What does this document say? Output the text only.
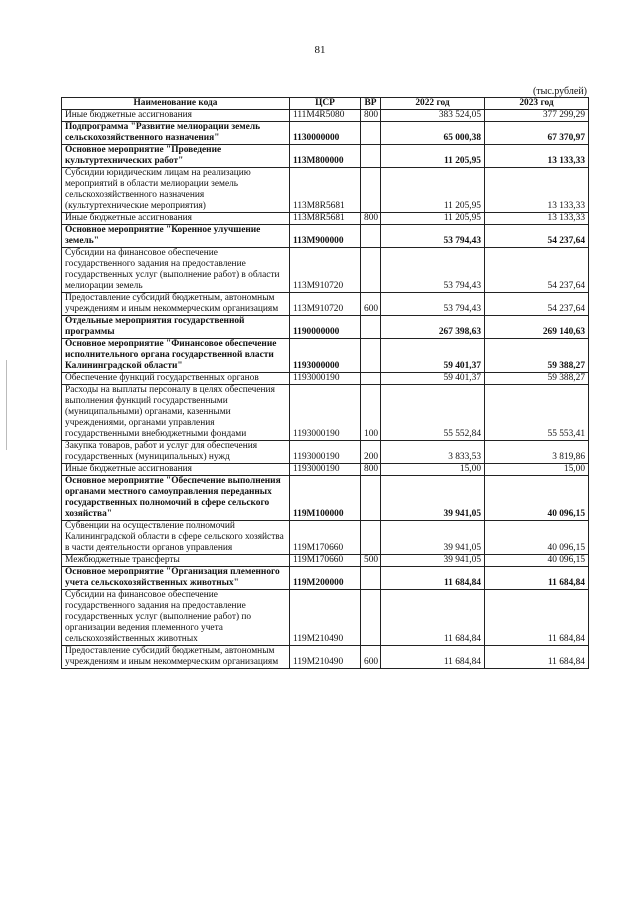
81
(тыс.рублей)
Наименование кода	ЦСР	ВР	2022 год	2023 год
Иные бюджетные ассигнования	111M4R5080	800	383 524,05	377 299,29
Подпрограмма "Развитие мелиорации земель сельскохозяйственного назначения"	1130000000		65 000,38	67 370,97
Основное мероприятие "Проведение культуртехнических работ"	113M800000		11 205,95	13 133,33
Субсидии юридическим лицам на реализацию мероприятий в области мелиорации земель сельскохозяйственного назначения (культуртехнические мероприятия)	113M8R5681		11 205,95	13 133,33
Иные бюджетные ассигнования	113M8R5681	800	11 205,95	13 133,33
Основное мероприятие "Коренное улучшение земель"	113M900000		53 794,43	54 237,64
Субсидии на финансовое обеспечение государственного задания на предоставление государственных услуг (выполнение работ) в области мелиорации земель	113M910720		53 794,43	54 237,64
Предоставление субсидий бюджетным, автономным учреждениям и иным некоммерческим организациям	113M910720	600	53 794,43	54 237,64
Отдельные мероприятия государственной программы	1190000000		267 398,63	269 140,63
Основное мероприятие "Финансовое обеспечение исполнительного органа государственной власти Калининградской области"	1193000000		59 401,37	59 388,27
Обеспечение функций государственных органов	1193000190		59 401,37	59 388,27
Расходы на выплаты персоналу в целях обеспечения выполнения функций государственными (муниципальными) органами, казенными учреждениями, органами управления государственными внебюджетными фондами	1193000190	100	55 552,84	55 553,41
Закупка товаров, работ и услуг для обеспечения государственных (муниципальных) нужд	1193000190	200	3 833,53	3 819,86
Иные бюджетные ассигнования	1193000190	800	15,00	15,00
Основное мероприятие "Обеспечение выполнения органами местного самоуправления переданных государственных полномочий в сфере сельского хозяйства"	119M100000		39 941,05	40 096,15
Субвенции на осуществление полномочий Калининградской области в сфере сельского хозяйства в части деятельности органов управления	119M170660		39 941,05	40 096,15
Межбюджетные трансферты	119M170660	500	39 941,05	40 096,15
Основное мероприятие "Организация племенного учета сельскохозяйственных животных"	119M200000		11 684,84	11 684,84
Субсидии на финансовое обеспечение государственного задания на предоставление государственных услуг (выполнение работ) по организации ведения племенного учета сельскохозяйственных животных	119M210490		11 684,84	11 684,84
Предоставление субсидий бюджетным, автономным учреждениям и иным некоммерческим организациям	119M210490	600	11 684,84	11 684,84
